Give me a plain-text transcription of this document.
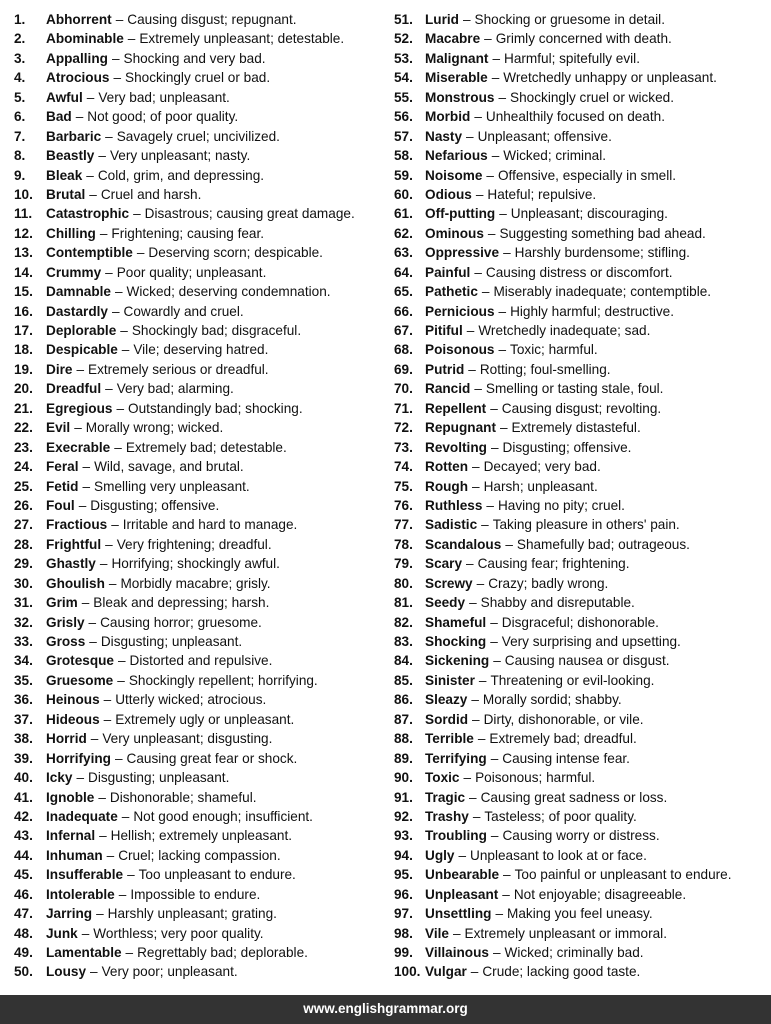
1.	Abhorrent – Causing disgust; repugnant.
2.	Abominable – Extremely unpleasant; detestable.
3.	Appalling – Shocking and very bad.
4.	Atrocious – Shockingly cruel or bad.
5.	Awful – Very bad; unpleasant.
6.	Bad – Not good; of poor quality.
7.	Barbaric – Savagely cruel; uncivilized.
8.	Beastly – Very unpleasant; nasty.
9.	Bleak – Cold, grim, and depressing.
10. Brutal – Cruel and harsh.
11.	Catastrophic – Disastrous; causing great damage.
12. Chilling – Frightening; causing fear.
13. Contemptible – Deserving scorn; despicable.
14. Crummy – Poor quality; unpleasant.
15. Damnable – Wicked; deserving condemnation.
16. Dastardly – Cowardly and cruel.
17. Deplorable – Shockingly bad; disgraceful.
18. Despicable – Vile; deserving hatred.
19. Dire – Extremely serious or dreadful.
20. Dreadful – Very bad; alarming.
21. Egregious – Outstandingly bad; shocking.
22. Evil – Morally wrong; wicked.
23. Execrable – Extremely bad; detestable.
24. Feral – Wild, savage, and brutal.
25. Fetid – Smelling very unpleasant.
26. Foul – Disgusting; offensive.
27. Fractious – Irritable and hard to manage.
28. Frightful – Very frightening; dreadful.
29. Ghastly – Horrifying; shockingly awful.
30. Ghoulish – Morbidly macabre; grisly.
31. Grim – Bleak and depressing; harsh.
32. Grisly – Causing horror; gruesome.
33. Gross – Disgusting; unpleasant.
34. Grotesque – Distorted and repulsive.
35. Gruesome – Shockingly repellent; horrifying.
36. Heinous – Utterly wicked; atrocious.
37. Hideous – Extremely ugly or unpleasant.
38. Horrid – Very unpleasant; disgusting.
39. Horrifying – Causing great fear or shock.
40. Icky – Disgusting; unpleasant.
41. Ignoble – Dishonorable; shameful.
42. Inadequate – Not good enough; insufficient.
43. Infernal – Hellish; extremely unpleasant.
44. Inhuman – Cruel; lacking compassion.
45. Insufferable – Too unpleasant to endure.
46. Intolerable – Impossible to endure.
47. Jarring – Harshly unpleasant; grating.
48. Junk – Worthless; very poor quality.
49. Lamentable – Regrettably bad; deplorable.
50. Lousy – Very poor; unpleasant.
51. Lurid – Shocking or gruesome in detail.
52. Macabre – Grimly concerned with death.
53. Malignant – Harmful; spitefully evil.
54. Miserable – Wretchedly unhappy or unpleasant.
55. Monstrous – Shockingly cruel or wicked.
56. Morbid – Unhealthily focused on death.
57. Nasty – Unpleasant; offensive.
58. Nefarious – Wicked; criminal.
59. Noisome – Offensive, especially in smell.
60. Odious – Hateful; repulsive.
61. Off-putting – Unpleasant; discouraging.
62. Ominous – Suggesting something bad ahead.
63. Oppressive – Harshly burdensome; stifling.
64. Painful – Causing distress or discomfort.
65. Pathetic – Miserably inadequate; contemptible.
66. Pernicious – Highly harmful; destructive.
67. Pitiful – Wretchedly inadequate; sad.
68. Poisonous – Toxic; harmful.
69. Putrid – Rotting; foul-smelling.
70. Rancid – Smelling or tasting stale, foul.
71. Repellent – Causing disgust; revolting.
72. Repugnant – Extremely distasteful.
73. Revolting – Disgusting; offensive.
74. Rotten – Decayed; very bad.
75. Rough – Harsh; unpleasant.
76. Ruthless – Having no pity; cruel.
77. Sadistic – Taking pleasure in others' pain.
78. Scandalous – Shamefully bad; outrageous.
79. Scary – Causing fear; frightening.
80. Screwy – Crazy; badly wrong.
81. Seedy – Shabby and disreputable.
82. Shameful – Disgraceful; dishonorable.
83. Shocking – Very surprising and upsetting.
84. Sickening – Causing nausea or disgust.
85. Sinister – Threatening or evil-looking.
86. Sleazy – Morally sordid; shabby.
87. Sordid – Dirty, dishonorable, or vile.
88. Terrible – Extremely bad; dreadful.
89. Terrifying – Causing intense fear.
90. Toxic – Poisonous; harmful.
91. Tragic – Causing great sadness or loss.
92. Trashy – Tasteless; of poor quality.
93. Troubling – Causing worry or distress.
94. Ugly – Unpleasant to look at or face.
95. Unbearable – Too painful or unpleasant to endure.
96. Unpleasant – Not enjoyable; disagreeable.
97. Unsettling – Making you feel uneasy.
98. Vile – Extremely unpleasant or immoral.
99. Villainous – Wicked; criminally bad.
100. Vulgar – Crude; lacking good taste.
www.englishgrammar.org
